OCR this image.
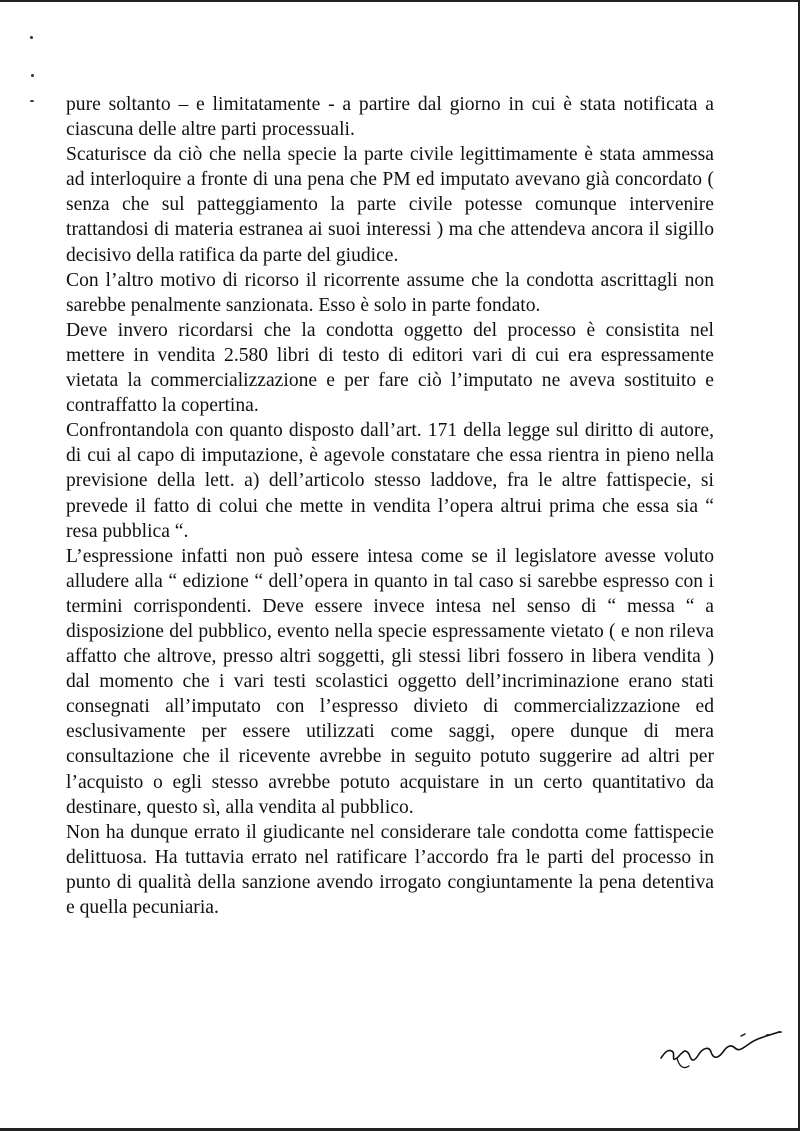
pure soltanto – e limitatamente - a partire dal giorno in cui è stata notificata a ciascuna delle altre parti processuali.

Scaturisce da ciò che nella specie la parte civile legittimamente è stata ammessa ad interloquire a fronte di una pena che PM ed imputato avevano già concordato ( senza che sul patteggiamento la parte civile potesse comunque intervenire trattandosi di materia estranea ai suoi interessi ) ma che attendeva ancora il sigillo decisivo della ratifica da parte del giudice.

Con l’altro motivo di ricorso il ricorrente assume che la condotta ascrittagli non sarebbe penalmente sanzionata. Esso è solo in parte fondato.

Deve invero ricordarsi che la condotta oggetto del processo è consistita nel mettere in vendita 2.580 libri di testo di editori vari di cui era espressamente vietata la commercializzazione e per fare ciò l’imputato ne aveva sostituito e contraffatto la copertina.

Confrontandola con quanto disposto dall’art. 171 della legge sul diritto di autore, di cui al capo di imputazione, è agevole constatare che essa rientra in pieno nella previsione della lett. a) dell’articolo stesso laddove, fra le altre fattispecie, si prevede il fatto di colui che mette in vendita l’opera altrui prima che essa sia “ resa pubblica “.

L’espressione infatti non può essere intesa come se il legislatore avesse voluto alludere alla “ edizione “ dell’opera in quanto in tal caso si sarebbe espresso con i termini corrispondenti. Deve essere invece intesa nel senso di “ messa “ a disposizione del pubblico, evento nella specie espressamente vietato ( e non rileva affatto che altrove, presso altri soggetti, gli stessi libri fossero in libera vendita ) dal momento che i vari testi scolastici oggetto dell’incriminazione erano stati consegnati all’imputato con l’espresso divieto di commercializzazione ed esclusivamente per essere utilizzati come saggi, opere dunque di mera consultazione che il ricevente avrebbe in seguito potuto suggerire ad altri per l’acquisto o egli stesso avrebbe potuto acquistare in un certo quantitativo da destinare, questo sì, alla vendita al pubblico.

Non ha dunque errato il giudicante nel considerare tale condotta come fattispecie delittuosa. Ha tuttavia errato nel ratificare l’accordo fra le parti del processo in punto di qualità della sanzione avendo irrogato congiuntamente la pena detentiva e quella pecuniaria.
